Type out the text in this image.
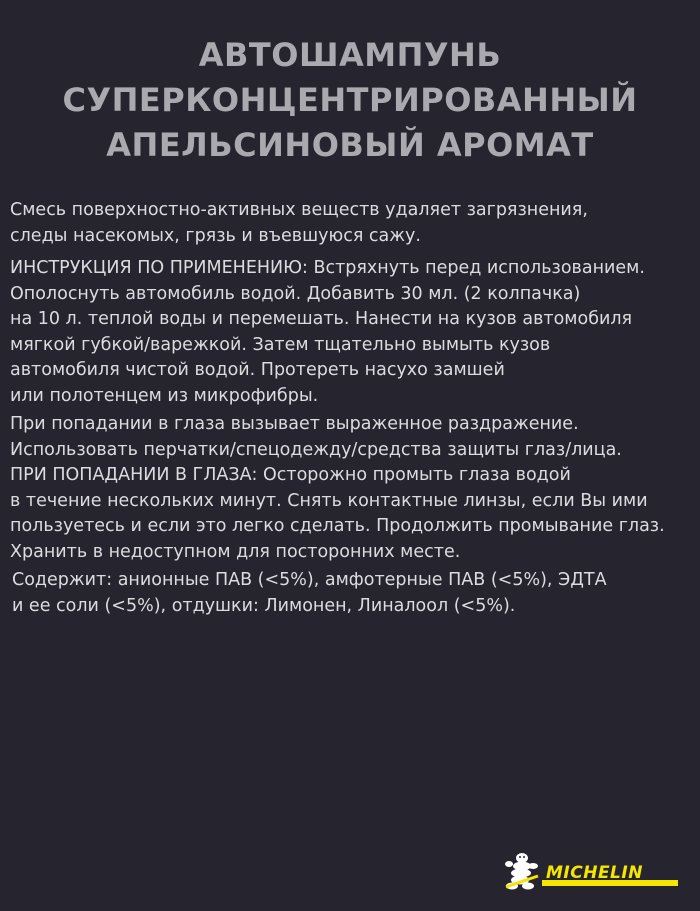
АВТОШАМПУНЬ
СУПЕРКОНЦЕНТРИРОВАННЫЙ
АПЕЛЬСИНОВЫЙ АРОМАТ
Смесь поверхностно-активных веществ удаляет загрязнения,
следы насекомых, грязь и въевшуюся сажу.
ИНСТРУКЦИЯ ПО ПРИМЕНЕНИЮ: Встряхнуть перед использованием.
Ополоснуть автомобиль водой. Добавить 30 мл. (2 колпачка)
на 10 л. теплой воды и перемешать. Нанести на кузов автомобиля
мягкой губкой/варежкой. Затем тщательно вымыть кузов
автомобиля чистой водой. Протереть насухо замшей
или полотенцем из микрофибры.
При попадании в глаза вызывает выраженное раздражение.
Использовать перчатки/спецодежду/средства защиты глаз/лица.
ПРИ ПОПАДАНИИ В ГЛАЗА: Осторожно промыть глаза водой
в течение нескольких минут. Снять контактные линзы, если Вы ими
пользуетесь и если это легко сделать. Продолжить промывание глаз.
Хранить в недоступном для посторонних месте.
Содержит: анионные ПАВ (<5%), амфотерные ПАВ (<5%), ЭДТА
и ее соли (<5%), отдушки: Лимонен, Линалоол (<5%).
MICHELIN
